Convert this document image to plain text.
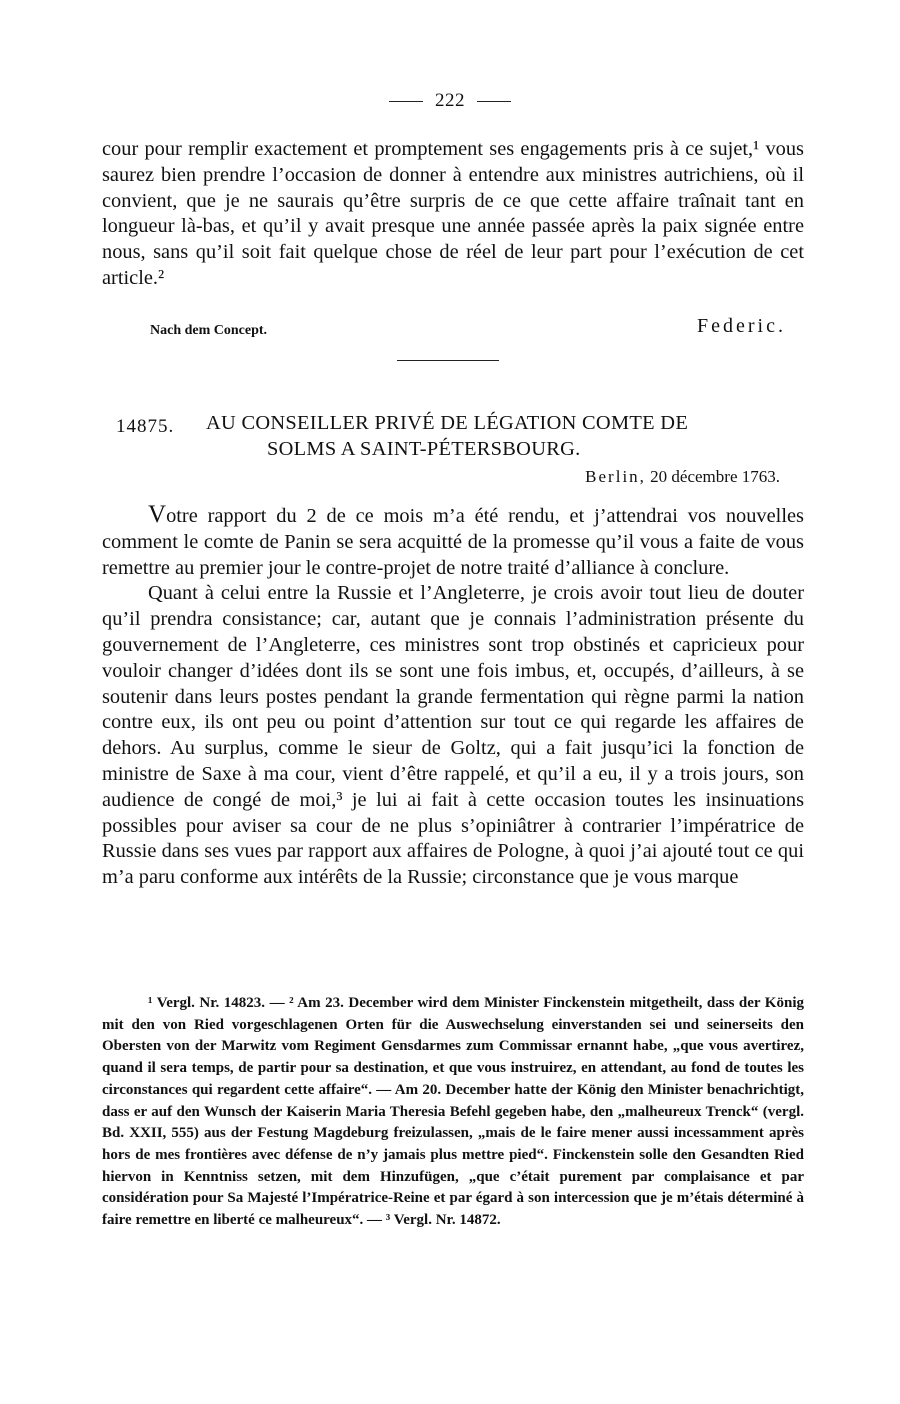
222

cour pour remplir exactement et promptement ses engagements pris à ce sujet,¹ vous saurez bien prendre l’occasion de donner à entendre aux ministres autrichiens, où il convient, que je ne saurais qu’être surpris de ce que cette affaire traînait tant en longueur là-bas, et qu’il y avait presque une année passée après la paix signée entre nous, sans qu’il soit fait quelque chose de réel de leur part pour l’exécution de cet article.²

Nach dem Concept.	Federic.
14875. AU CONSEILLER PRIVÉ DE LÉGATION COMTE DE
SOLMS A SAINT-PÉTERSBOURG.
Berlin, 20 décembre 1763.

Votre rapport du 2 de ce mois m’a été rendu, et j’attendrai vos nouvelles comment le comte de Panin se sera acquitté de la promesse qu’il vous a faite de vous remettre au premier jour le contre-projet de notre traité d’alliance à conclure.

Quant à celui entre la Russie et l’Angleterre, je crois avoir tout lieu de douter qu’il prendra consistance; car, autant que je connais l’administration présente du gouvernement de l’Angleterre, ces ministres sont trop obstinés et capricieux pour vouloir changer d’idées dont ils se sont une fois imbus, et, occupés, d’ailleurs, à se soutenir dans leurs postes pendant la grande fermentation qui règne parmi la nation contre eux, ils ont peu ou point d’attention sur tout ce qui regarde les affaires de dehors. Au surplus, comme le sieur de Goltz, qui a fait jusqu’ici la fonction de ministre de Saxe à ma cour, vient d’être rappelé, et qu’il a eu, il y a trois jours, son audience de congé de moi,³ je lui ai fait à cette occasion toutes les insinuations possibles pour aviser sa cour de ne plus s’opiniâtrer à contrarier l’impératrice de Russie dans ses vues par rapport aux affaires de Pologne, à quoi j’ai ajouté tout ce qui m’a paru conforme aux intérêts de la Russie; circonstance que je vous marque

¹ Vergl. Nr. 14823. — ² Am 23. December wird dem Minister Finckenstein mitgetheilt, dass der König mit den von Ried vorgeschlagenen Orten für die Auswechselung einverstanden sei und seinerseits den Obersten von der Marwitz vom Regiment Gensdarmes zum Commissar ernannt habe, „que vous avertirez, quand il sera temps, de partir pour sa destination, et que vous instruirez, en attendant, au fond de toutes les circonstances qui regardent cette affaire“. — Am 20. December hatte der König den Minister benachrichtigt, dass er auf den Wunsch der Kaiserin Maria Theresia Befehl gegeben habe, den „malheureux Trenck“ (vergl. Bd. XXII, 555) aus der Festung Magdeburg freizulassen, „mais de le faire mener aussi incessamment après hors de mes frontières avec défense de n’y jamais plus mettre pied“. Finckenstein solle den Gesandten Ried hiervon in Kenntniss setzen, mit dem Hinzufügen, „que c’était purement par complaisance et par considération pour Sa Majesté l’Impératrice-Reine et par égard à son intercession que je m’étais déterminé à faire remettre en liberté ce malheureux“. — ³ Vergl. Nr. 14872.
